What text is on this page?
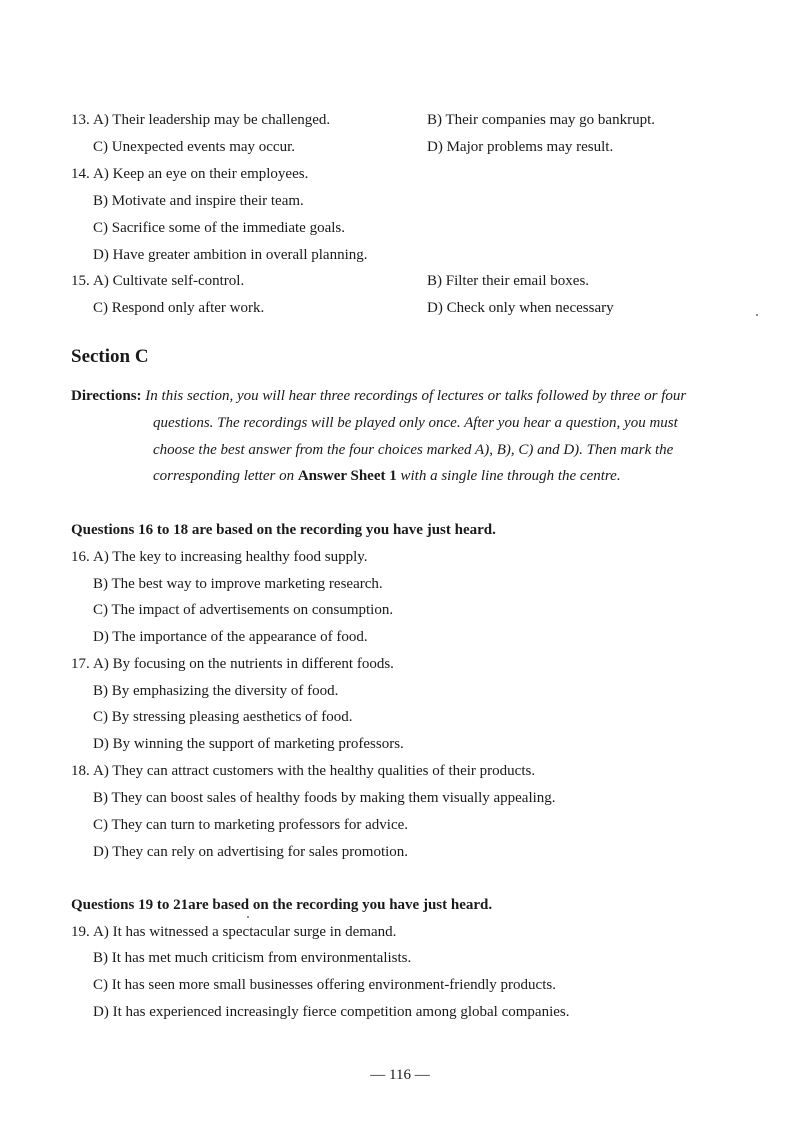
13. A) Their leadership may be challenged.	B) Their companies may go bankrupt.
C) Unexpected events may occur.	D) Major problems may result.
14. A) Keep an eye on their employees.
B) Motivate and inspire their team.
C) Sacrifice some of the immediate goals.
D) Have greater ambition in overall planning.
15. A) Cultivate self-control.	B) Filter their email boxes.
C) Respond only after work.	D) Check only when necessary
Section C
Directions: In this section, you will hear three recordings of lectures or talks followed by three or four
questions. The recordings will be played only once. After you hear a question, you must
choose the best answer from the four choices marked A), B), C) and D). Then mark the
corresponding letter on Answer Sheet 1 with a single line through the centre.
Questions 16 to 18 are based on the recording you have just heard.
16. A) The key to increasing healthy food supply.
B) The best way to improve marketing research.
C) The impact of advertisements on consumption.
D) The importance of the appearance of food.
17. A) By focusing on the nutrients in different foods.
B) By emphasizing the diversity of food.
C) By stressing pleasing aesthetics of food.
D) By winning the support of marketing professors.
18. A) They can attract customers with the healthy qualities of their products.
B) They can boost sales of healthy foods by making them visually appealing.
C) They can turn to marketing professors for advice.
D) They can rely on advertising for sales promotion.
Questions 19 to 21are based on the recording you have just heard.
19. A) It has witnessed a spectacular surge in demand.
B) It has met much criticism from environmentalists.
C) It has seen more small businesses offering environment-friendly products.
D) It has experienced increasingly fierce competition among global companies.
— 116 —
